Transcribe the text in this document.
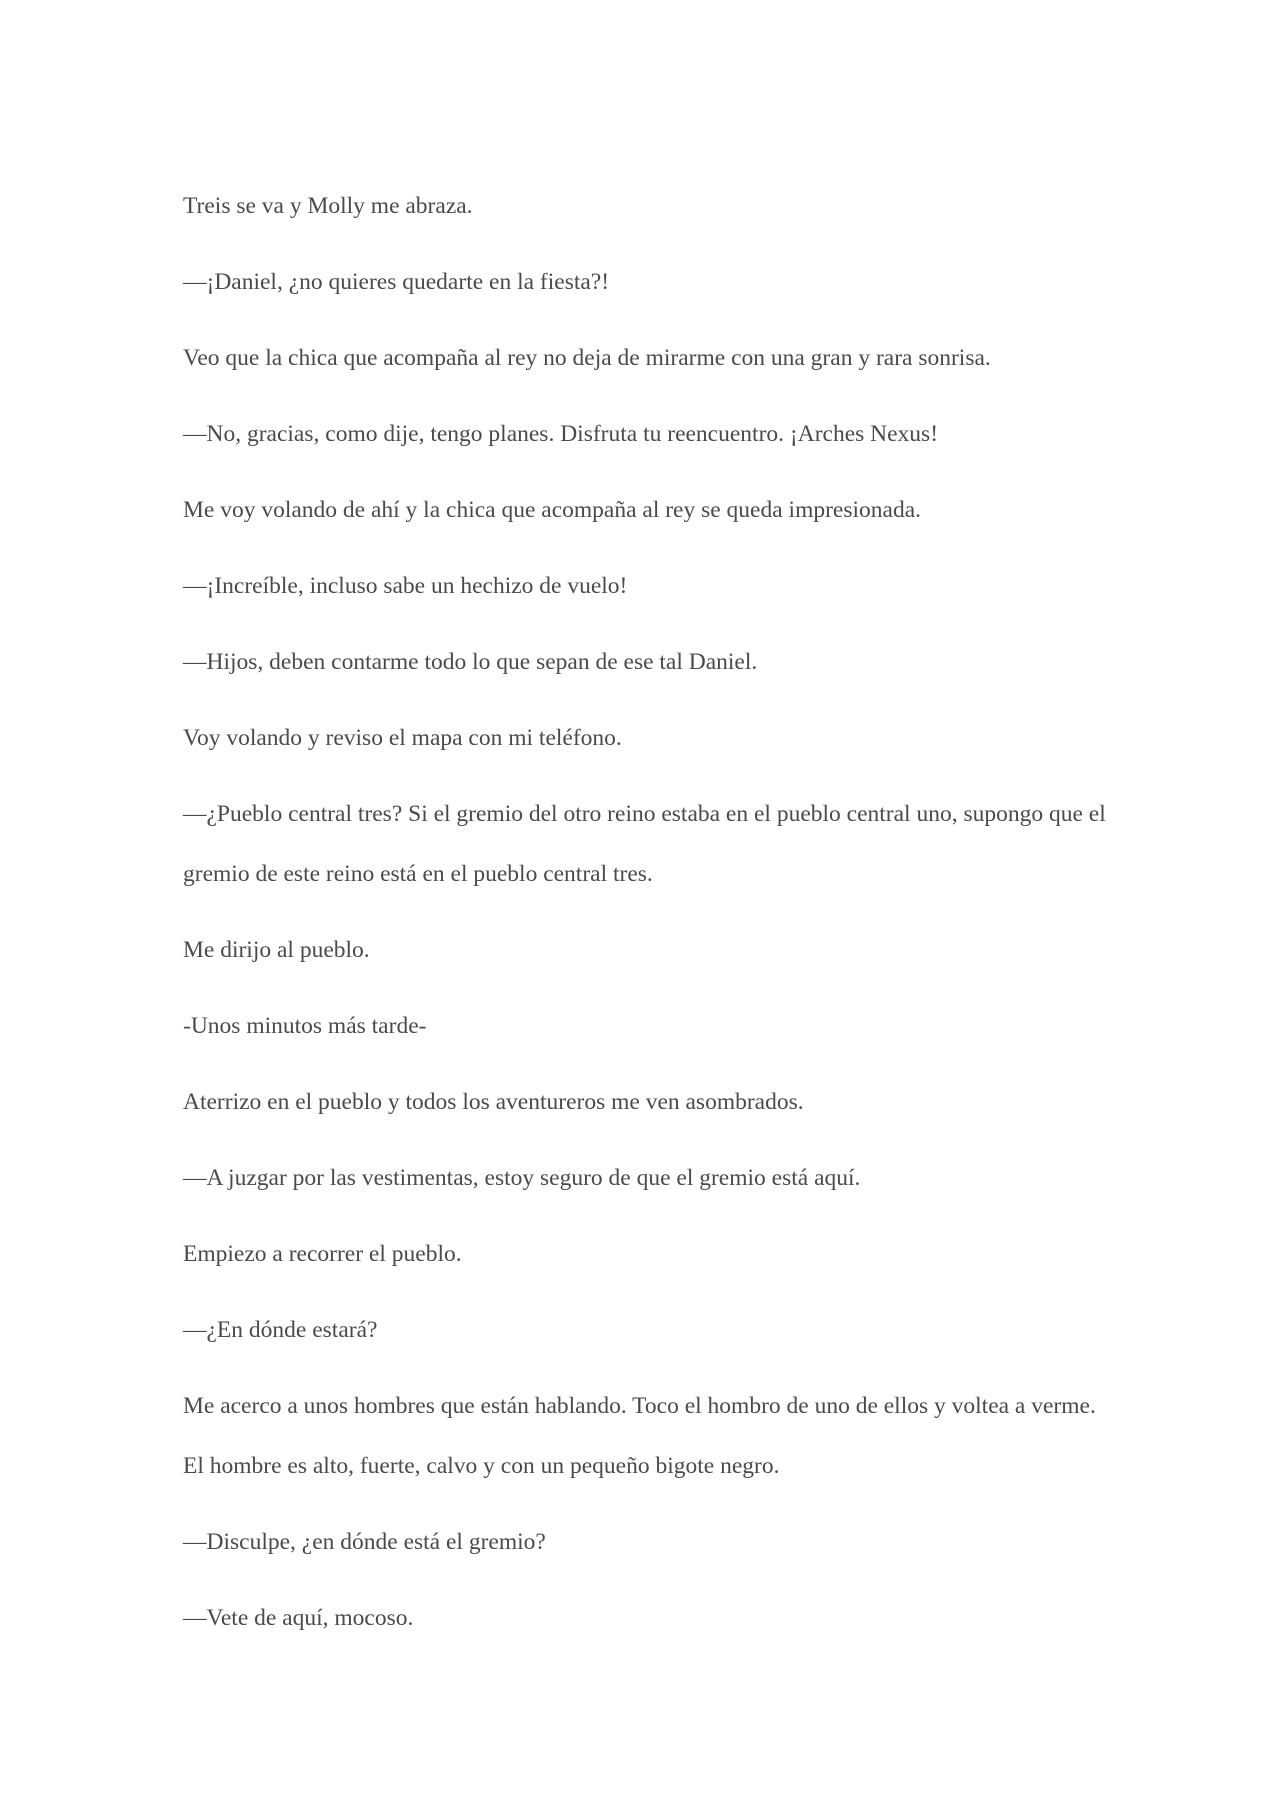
Treis se va y Molly me abraza.

—¡Daniel, ¿no quieres quedarte en la fiesta?!

Veo que la chica que acompaña al rey no deja de mirarme con una gran y rara sonrisa.

—No, gracias, como dije, tengo planes. Disfruta tu reencuentro. ¡Arches Nexus!

Me voy volando de ahí y la chica que acompaña al rey se queda impresionada.

—¡Increíble, incluso sabe un hechizo de vuelo!

—Hijos, deben contarme todo lo que sepan de ese tal Daniel.

Voy volando y reviso el mapa con mi teléfono.

—¿Pueblo central tres? Si el gremio del otro reino estaba en el pueblo central uno, supongo que el gremio de este reino está en el pueblo central tres.

Me dirijo al pueblo.

-Unos minutos más tarde-

Aterrizo en el pueblo y todos los aventureros me ven asombrados.

—A juzgar por las vestimentas, estoy seguro de que el gremio está aquí.

Empiezo a recorrer el pueblo.

—¿En dónde estará?

Me acerco a unos hombres que están hablando. Toco el hombro de uno de ellos y voltea a verme. El hombre es alto, fuerte, calvo y con un pequeño bigote negro.

—Disculpe, ¿en dónde está el gremio?

—Vete de aquí, mocoso.
